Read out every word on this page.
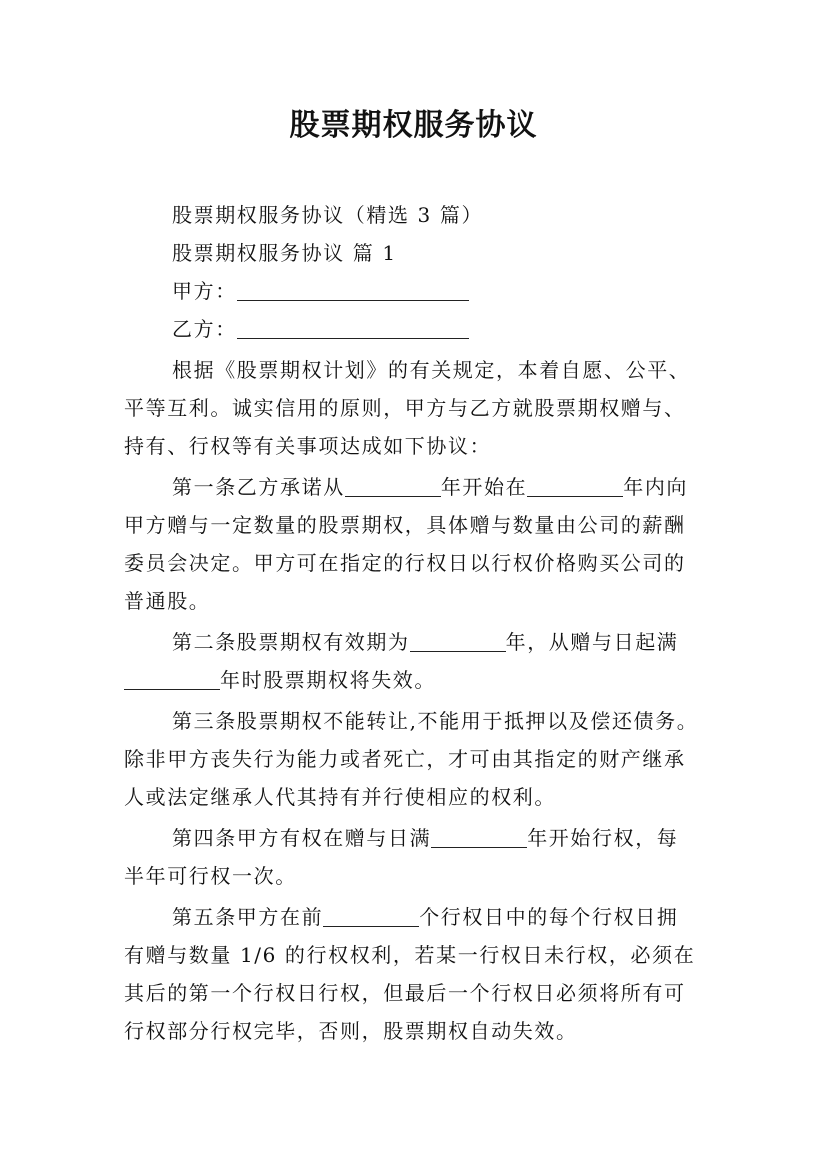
股票期权服务协议
股票期权服务协议（精选 3 篇）
股票期权服务协议 篇 1
甲方：
乙方：
根据《股票期权计划》的有关规定，本着自愿、公平、
平等互利。诚实信用的原则，甲方与乙方就股票期权赠与、
持有、行权等有关事项达成如下协议：
第一条乙方承诺从	年开始在	年内向
甲方赠与一定数量的股票期权，具体赠与数量由公司的薪酬
委员会决定。甲方可在指定的行权日以行权价格购买公司的
普通股。
第二条股票期权有效期为	年，从赠与日起满
年时股票期权将失效。
第三条股票期权不能转让,不能用于抵押以及偿还债务。
除非甲方丧失行为能力或者死亡，才可由其指定的财产继承
人或法定继承人代其持有并行使相应的权利。
第四条甲方有权在赠与日满	年开始行权，每
半年可行权一次。
第五条甲方在前	个行权日中的每个行权日拥
有赠与数量 1/6 的行权权利，若某一行权日未行权，必须在
其后的第一个行权日行权，但最后一个行权日必须将所有可
行权部分行权完毕，否则，股票期权自动失效。
